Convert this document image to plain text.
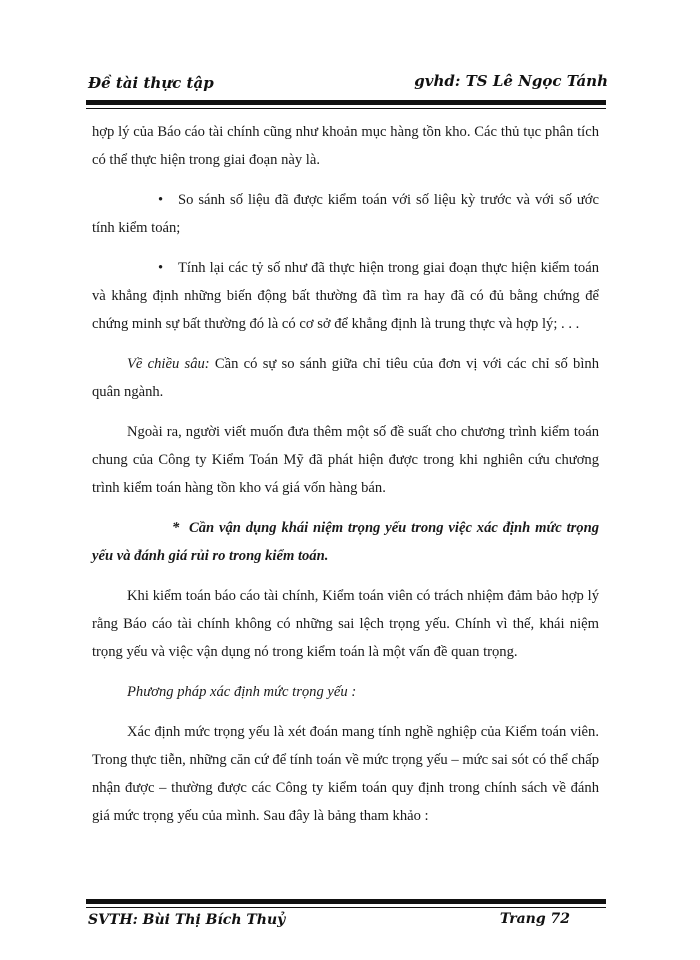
Đề tài thực tập	gvhd: TS Lê Ngọc Tánh

hợp lý của Báo cáo tài chính cũng như khoản mục hàng tồn kho. Các thủ tục phân tích có thể thực hiện trong giai đoạn này là.

• So sánh số liệu đã được kiểm toán với số liệu kỳ trước và với số ước tính kiểm toán;

• Tính lại các tỷ số như đã thực hiện trong giai đoạn thực hiện kiểm toán và khẳng định những biến động bất thường đã tìm ra hay đã có đủ bằng chứng để chứng minh sự bất thường đó là có cơ sở để khẳng định là trung thực và hợp lý; . . .

Về chiều sâu: Cần có sự so sánh giữa chỉ tiêu của đơn vị với các chỉ số bình quân ngành.

Ngoài ra, người viết muốn đưa thêm một số đề suất cho chương trình kiểm toán chung của Công ty Kiểm Toán Mỹ đã phát hiện được trong khi nghiên cứu chương trình kiểm toán hàng tồn kho vá giá vốn hàng bán.

* Cần vận dụng khái niệm trọng yếu trong việc xác định mức trọng yếu và đánh giá rủi ro trong kiểm toán.

Khi kiểm toán báo cáo tài chính, Kiểm toán viên có trách nhiệm đảm bảo hợp lý rằng Báo cáo tài chính không có những sai lệch trọng yếu. Chính vì thế, khái niệm trọng yếu và việc vận dụng nó trong kiểm toán là một vấn đề quan trọng.

Phương pháp xác định mức trọng yếu :

Xác định mức trọng yếu là xét đoán mang tính nghề nghiệp của Kiểm toán viên. Trong thực tiễn, những căn cứ để tính toán về mức trọng yếu – mức sai sót có thể chấp nhận được – thường được các Công ty kiểm toán quy định trong chính sách về đánh giá mức trọng yếu của mình. Sau đây là bảng tham khảo :

SVTH: Bùi Thị Bích Thuỷ	Trang 72
